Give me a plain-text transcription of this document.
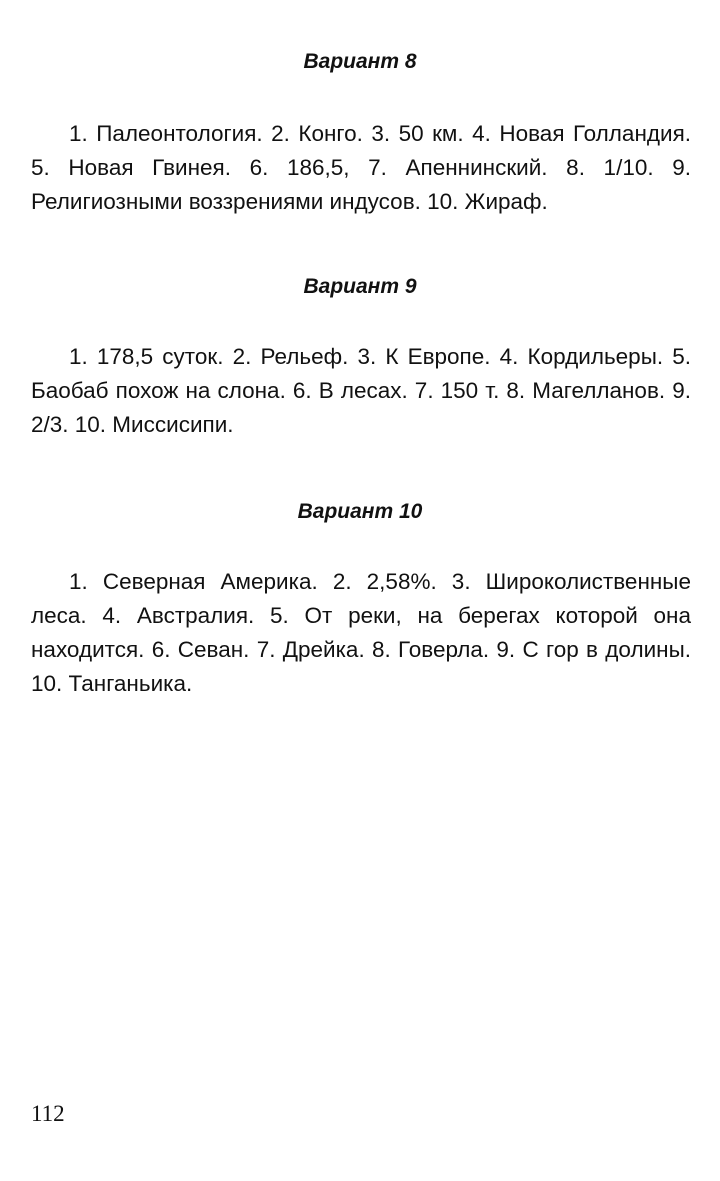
Вариант 8

1. Палеонтология. 2. Конго. 3. 50 км. 4. Новая Голландия. 5. Новая Гвинея. 6. 186,5, 7. Апеннинский. 8. 1/10. 9. Религиозными воззрениями индусов. 10. Жираф.

Вариант 9

1. 178,5 суток. 2. Рельеф. 3. К Европе. 4. Кордильеры. 5. Баобаб похож на слона. 6. В лесах. 7. 150 т. 8. Магелланов. 9. 2/3. 10. Миссисипи.

Вариант 10

1. Северная Америка. 2. 2,58%. 3. Широколиственные леса. 4. Австралия. 5. От реки, на берегах которой она находится. 6. Севан. 7. Дрейка. 8. Говерла. 9. С гор в долины. 10. Танганьика.

112
